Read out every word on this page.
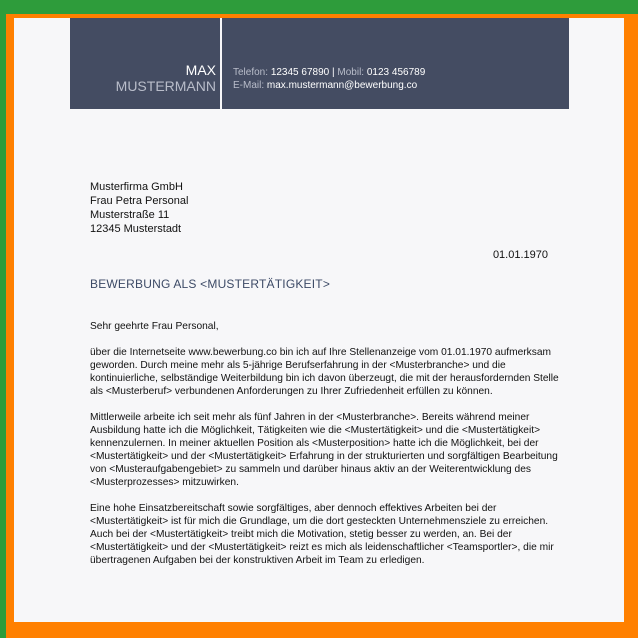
MAX
MUSTERMANN
Telefon: 12345 67890 | Mobil: 0123 456789
E-Mail: max.mustermann@bewerbung.co
Musterfirma GmbH
Frau Petra Personal
Musterstraße 11
12345 Musterstadt
01.01.1970
BEWERBUNG ALS <MUSTERTÄTIGKEIT>

Sehr geehrte Frau Personal,

über die Internetseite www.bewerbung.co bin ich auf Ihre Stellenanzeige vom 01.01.1970 aufmerksam geworden. Durch meine mehr als 5-jährige Berufserfahrung in der <Musterbranche> und die kontinuierliche, selbständige Weiterbildung bin ich davon überzeugt, die mit der herausfordernden Stelle als <Musterberuf> verbundenen Anforderungen zu Ihrer Zufriedenheit erfüllen zu können.

Mittlerweile arbeite ich seit mehr als fünf Jahren in der <Musterbranche>. Bereits während meiner Ausbildung hatte ich die Möglichkeit, Tätigkeiten wie die <Mustertätigkeit> und die <Mustertätigkeit> kennenzulernen. In meiner aktuellen Position als <Musterposition> hatte ich die Möglichkeit, bei der <Mustertätigkeit> und der <Mustertätigkeit> Erfahrung in der strukturierten und sorgfältigen Bearbeitung von <Musteraufgabengebiet> zu sammeln und darüber hinaus aktiv an der Weiterentwicklung des <Musterprozesses> mitzuwirken.

Eine hohe Einsatzbereitschaft sowie sorgfältiges, aber dennoch effektives Arbeiten bei der <Mustertätigkeit> ist für mich die Grundlage, um die dort gesteckten Unternehmensziele zu erreichen. Auch bei der <Mustertätigkeit> treibt mich die Motivation, stetig besser zu werden, an. Bei der <Mustertätigkeit> und der <Mustertätigkeit> reizt es mich als leidenschaftlicher <Teamsportler>, die mir übertragenen Aufgaben bei der konstruktiven Arbeit im Team zu erledigen.
